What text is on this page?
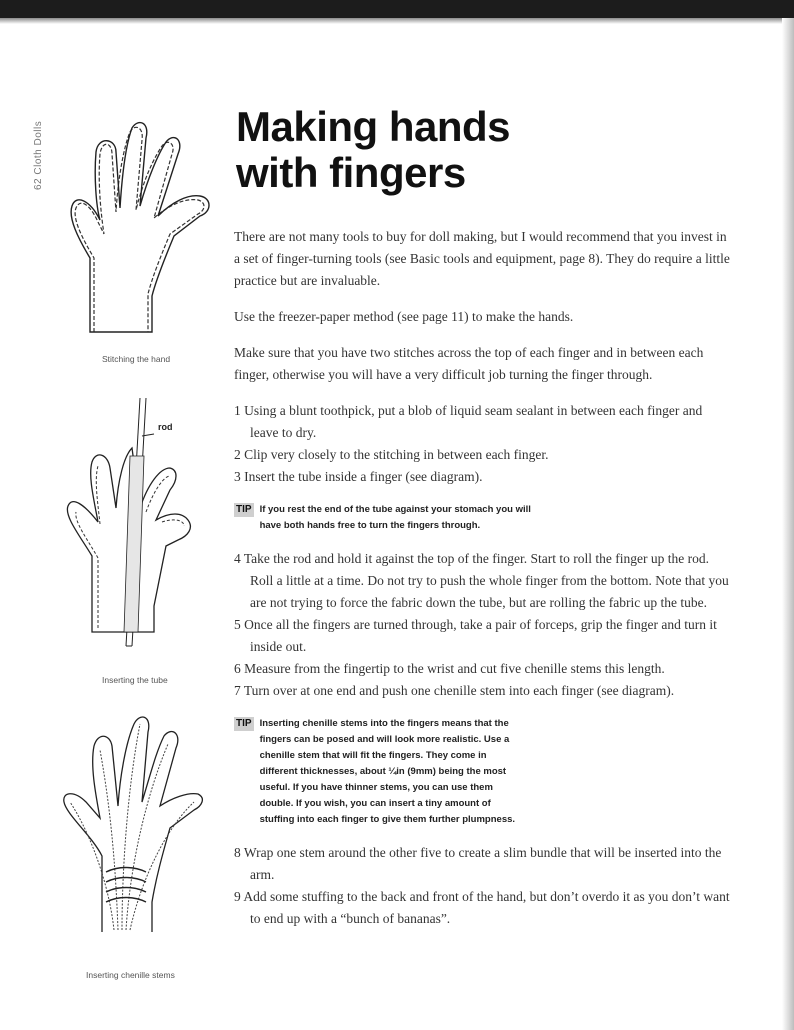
62 Cloth Dolls	Making hands
with fingers
Stitching the hand
rod
Inserting the tube
Inserting chenille stems

There are not many tools to buy for doll making, but I would recommend that you invest in a set of finger-turning tools (see Basic tools and equipment, page 8). They do require a little practice but are invaluable.

Use the freezer-paper method (see page 11) to make the hands.

Make sure that you have two stitches across the top of each finger and in between each finger, otherwise you will have a very difficult job turning the finger through.

1 Using a blunt toothpick, put a blob of liquid seam sealant in between each finger and leave to dry.

2 Clip very closely to the stitching in between each finger.

3 Insert the tube inside a finger (see diagram).

TIP If you rest the end of the tube against your stomach you will have both hands free to turn the fingers through.

4 Take the rod and hold it against the top of the finger. Start to roll the finger up the rod. Roll a little at a time. Do not try to push the whole finger from the bottom. Note that you are not trying to force the fabric down the tube, but are rolling the fabric up the tube.

5 Once all the fingers are turned through, take a pair of forceps, grip the finger and turn it inside out.

6 Measure from the fingertip to the wrist and cut five chenille stems this length.

7 Turn over at one end and push one chenille stem into each finger (see diagram).

TIP Inserting chenille stems into the fingers means that the fingers can be posed and will look more realistic. Use a chenille stem that will fit the fingers. They come in different thicknesses, about ¼in (9mm) being the most useful. If you have thinner stems, you can use them double. If you wish, you can insert a tiny amount of stuffing into each finger to give them further plumpness.

8 Wrap one stem around the other five to create a slim bundle that will be inserted into the arm.

9 Add some stuffing to the back and front of the hand, but don’t overdo it as you don’t want to end up with a “bunch of bananas”.
